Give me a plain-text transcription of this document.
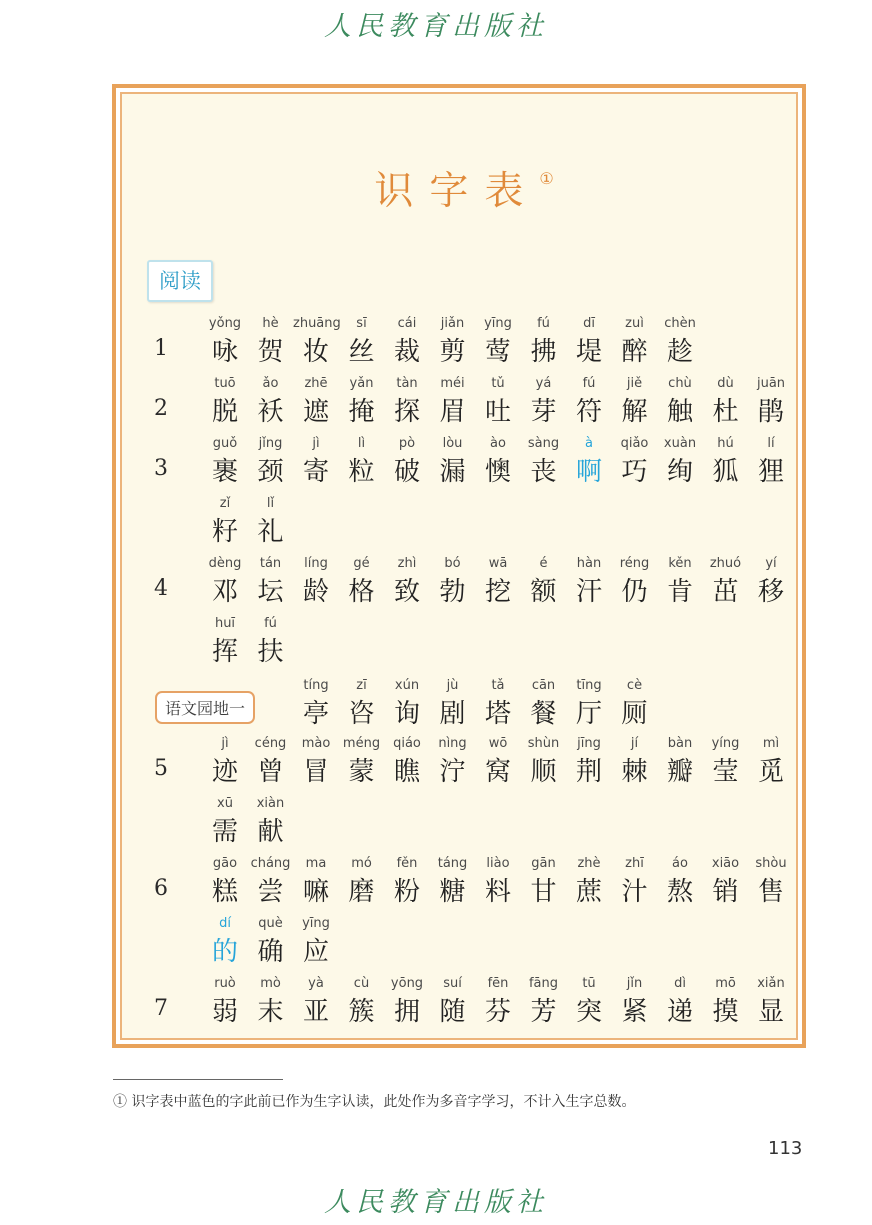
人民教育出版社
识字表①
阅读
语文园地一
1
yǒng
咏
hè
贺
zhuāng
妆
sī
丝
cái
裁
jiǎn
剪
yīng
莺
fú
拂
dī
堤
zuì
醉
chèn
趁
2
tuō
脱
ǎo
袄
zhē
遮
yǎn
掩
tàn
探
méi
眉
tǔ
吐
yá
芽
fú
符
jiě
解
chù
触
dù
杜
juān
鹃
3
guǒ
裹
jǐng
颈
jì
寄
lì
粒
pò
破
lòu
漏
ào
懊
sàng
丧
à
啊
qiǎo
巧
xuàn
绚
hú
狐
lí
狸
zǐ
籽
lǐ
礼
4
dèng
邓
tán
坛
líng
龄
gé
格
zhì
致
bó
勃
wā
挖
é
额
hàn
汗
réng
仍
kěn
肯
zhuó
茁
yí
移
huī
挥
fú
扶
tíng
亭
zī
咨
xún
询
jù
剧
tǎ
塔
cān
餐
tīng
厅
cè
厕
5
jì
迹
céng
曾
mào
冒
méng
蒙
qiáo
瞧
nìng
泞
wō
窝
shùn
顺
jīng
荆
jí
棘
bàn
瓣
yíng
莹
mì
觅
xū
需
xiàn
献
6
gāo
糕
cháng
尝
ma
嘛
mó
磨
fěn
粉
táng
糖
liào
料
gān
甘
zhè
蔗
zhī
汁
áo
熬
xiāo
销
shòu
售
dí
的
què
确
yīng
应
7
ruò
弱
mò
末
yà
亚
cù
簇
yōng
拥
suí
随
fēn
芬
fāng
芳
tū
突
jǐn
紧
dì
递
mō
摸
xiǎn
显
① 识字表中蓝色的字此前已作为生字认读，此处作为多音字学习，不计入生字总数。
113
人民教育出版社
